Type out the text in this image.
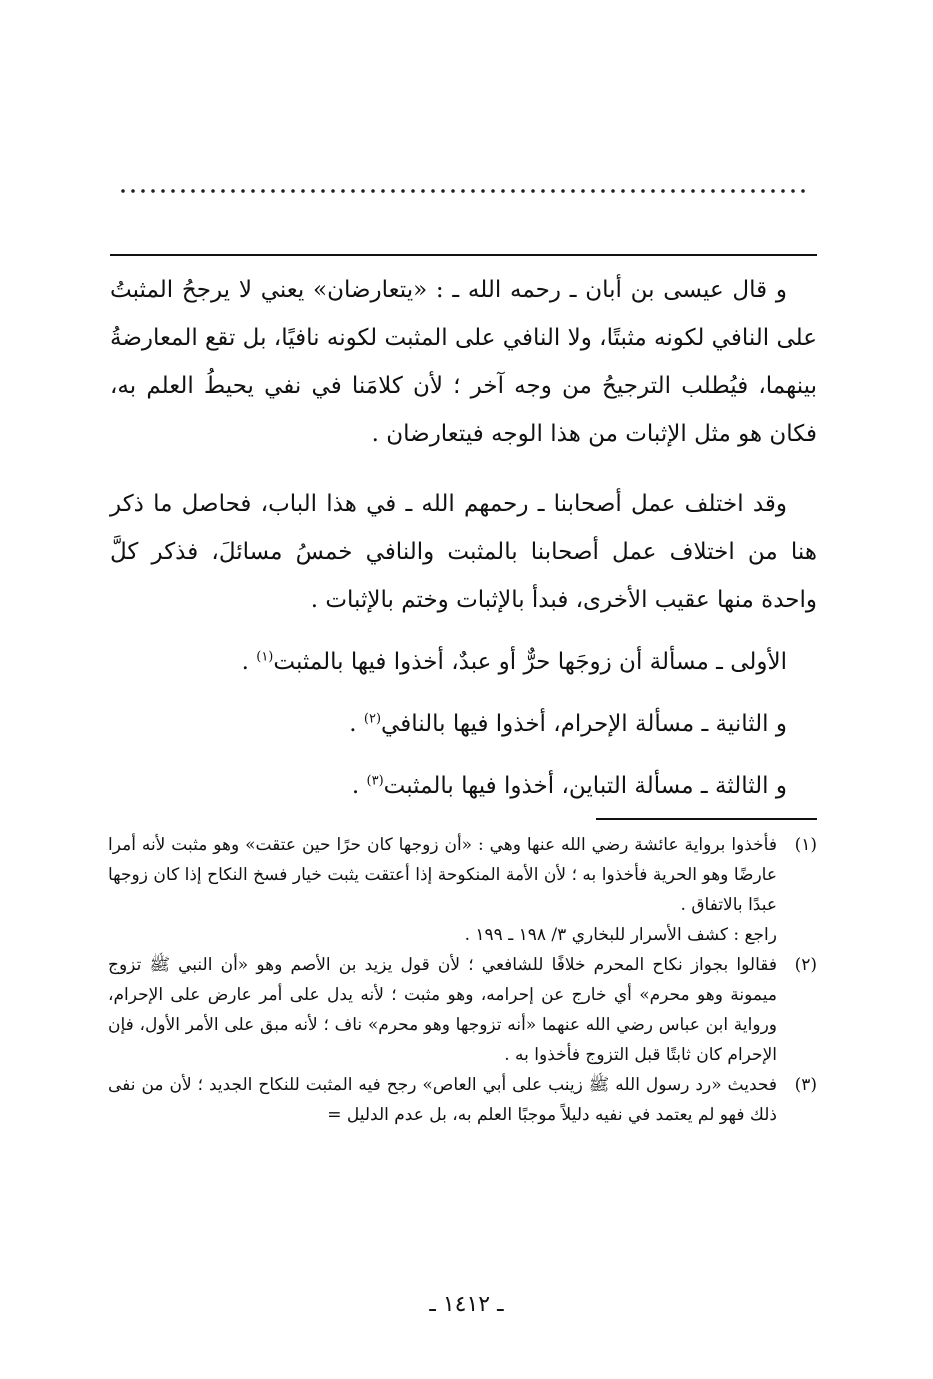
و قال عيسى بن أبان ـ رحمه الله ـ : «يتعارضان» يعني لا يرجحُ المثبتُ على النافي لكونه مثبتًا، ولا النافي على المثبت لكونه نافيًا، بل تقع المعارضةُ بينهما، فيُطلب الترجيحُ من وجه آخر ؛ لأن كلامَنا في نفي يحيطُ العلم به، فكان هو مثل الإثبات من هذا الوجه فيتعارضان .

وقد اختلف عمل أصحابنا ـ رحمهم الله ـ في هذا الباب، فحاصل ما ذكر هنا من اختلاف عمل أصحابنا بالمثبت والنافي خمسُ مسائلَ، فذكر كلَّ واحدة منها عقيب الأخرى، فبدأ بالإثبات وختم بالإثبات .

الأولى ـ مسألة أن زوجَها حرٌّ أو عبدٌ، أخذوا فيها بالمثبت$^{(١)}$ .

و الثانية ـ مسألة الإحرام، أخذوا فيها بالنافي$^{(٢)}$ .

و الثالثة ـ مسألة التباين، أخذوا فيها بالمثبت$^{(٣)}$ .

(١)
فأخذوا برواية عائشة رضي الله عنها وهي : «أن زوجها كان حرًا حين عتقت» وهو مثبت لأنه أمرا عارضًا وهو الحرية فأخذوا به ؛ لأن الأمة المنكوحة إذا أعتقت يثبت خيار فسخ النكاح إذا كان زوجها عبدًا بالاتفاق .
راجع : كشف الأسرار للبخاري ٣/ ١٩٨ ـ ١٩٩ .
(٢)
فقالوا بجواز نكاح المحرم خلافًا للشافعي ؛ لأن قول يزيد بن الأصم وهو «أن النبي ﷺ تزوج ميمونة وهو محرم» أي خارج عن إحرامه، وهو مثبت ؛ لأنه يدل على أمر عارض على الإحرام، ورواية ابن عباس رضي الله عنهما «أنه تزوجها وهو محرم» ناف ؛ لأنه مبق على الأمر الأول، فإن الإحرام كان ثابتًا قبل التزوج فأخذوا به .
(٣)
فحديث «رد رسول الله ﷺ زينب على أبي العاص» رجح فيه المثبت للنكاح الجديد ؛ لأن من نفى ذلك فهو لم يعتمد في نفيه دليلاً موجبًا العلم به، بل عدم الدليل =
ـ ١٤١٢ ـ
